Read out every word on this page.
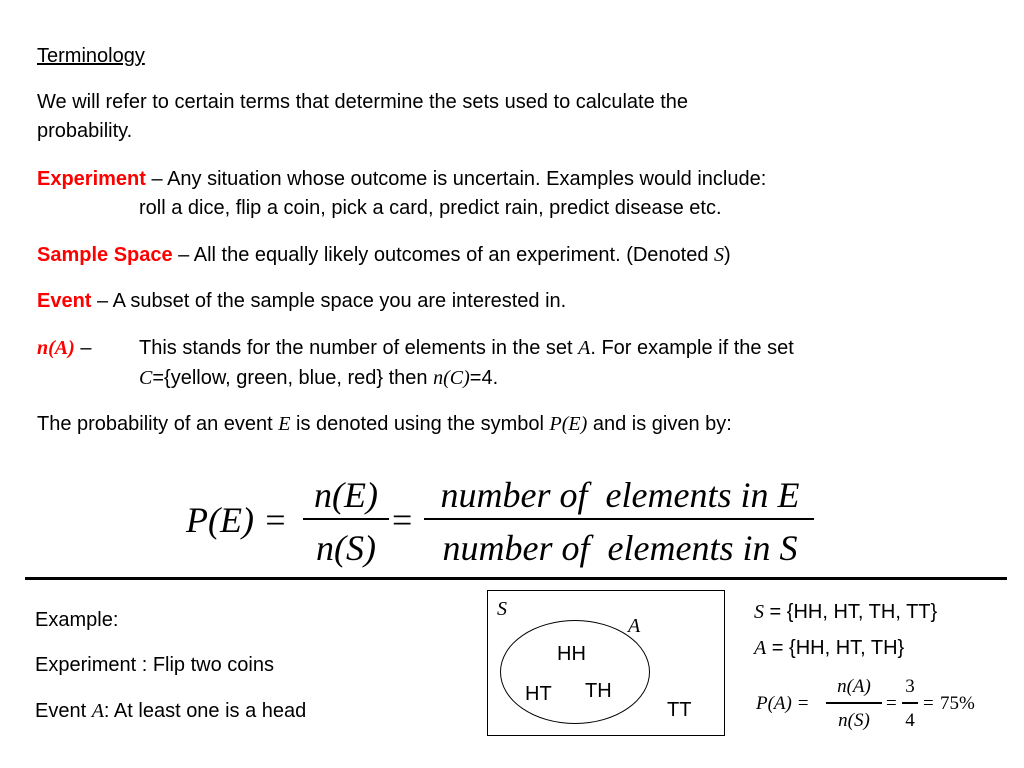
Terminology
We will refer to certain terms that determine the sets used to calculate the
probability.
Experiment – Any situation whose outcome is uncertain. Examples would include:
roll a dice, flip a coin, pick a card, predict rain, predict disease etc.
Sample Space – All the equally likely outcomes of an experiment. (Denoted S)
Event – A subset of the sample space you are interested in.
n(A) – This stands for the number of elements in the set A. For example if the set
C={yellow, green, blue, red} then n(C)=4.
The probability of an event E is denoted using the symbol P(E) and is given by:
P(E) =
n(E)
n(S)
=
number of  elements in E
number of  elements in S
Example:
Experiment : Flip two coins
Event A: At least one is a head
S
A
HH
HT TH
TT
S = {HH, HT, TH, TT}
A = {HH, HT, TH}
P(A) =
n(A)
n(S)
=
3
4
= 75%
